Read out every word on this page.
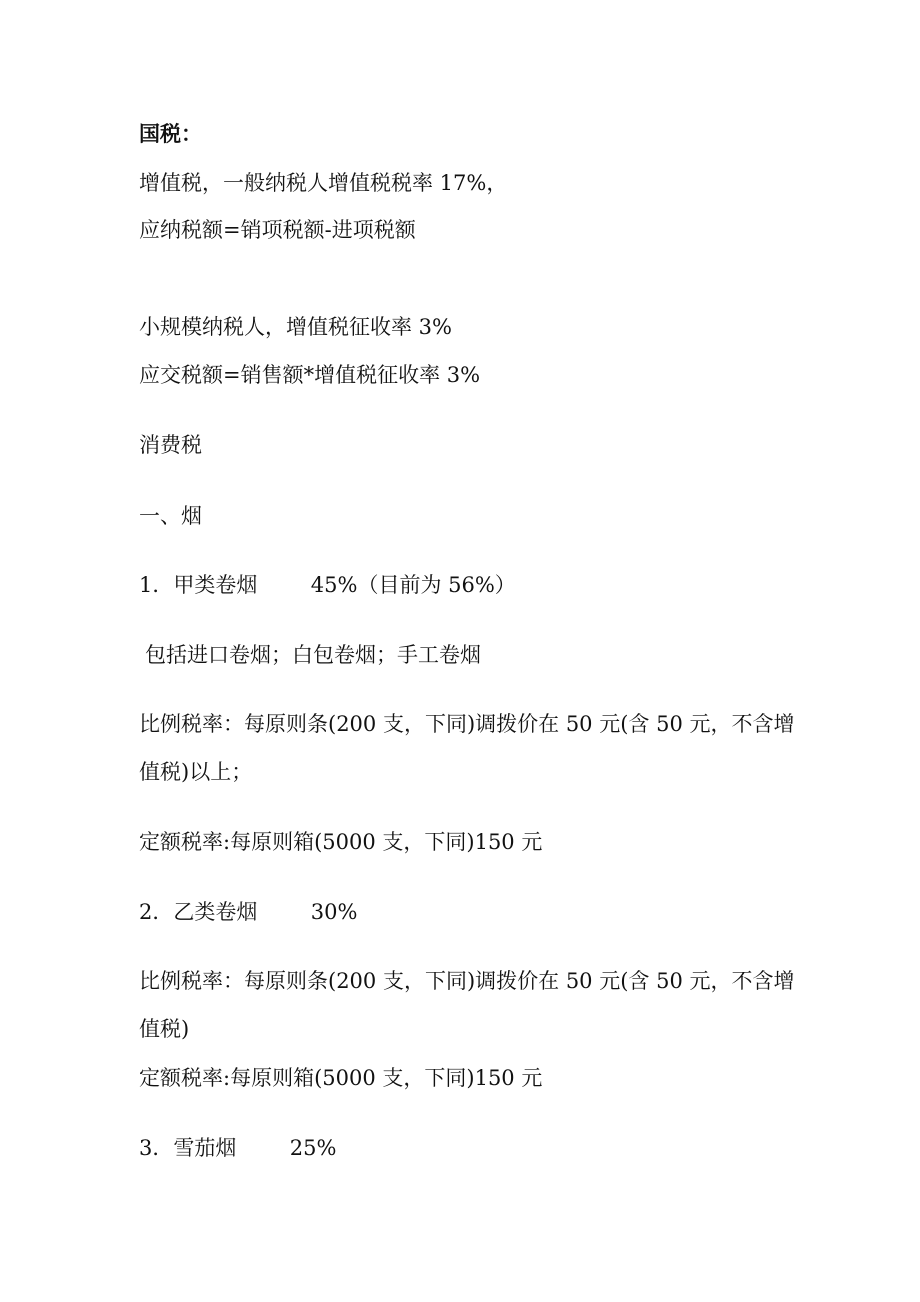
国税：
增值税，一般纳税人增值税税率 17%，
应纳税额=销项税额-进项税额
小规模纳税人，增值税征收率 3%
应交税额=销售额*增值税征收率 3%
消费税
一、烟
1．甲类卷烟        45%（目前为 56%）
包括进口卷烟；白包卷烟；手工卷烟
比例税率：每原则条(200 支，下同)调拨价在 50 元(含 50 元，不含增
值税)以上；
定额税率:每原则箱(5000 支，下同)150 元
2．乙类卷烟        30%
比例税率：每原则条(200 支，下同)调拨价在 50 元(含 50 元，不含增
值税)
定额税率:每原则箱(5000 支，下同)150 元
3．雪茄烟        25%
